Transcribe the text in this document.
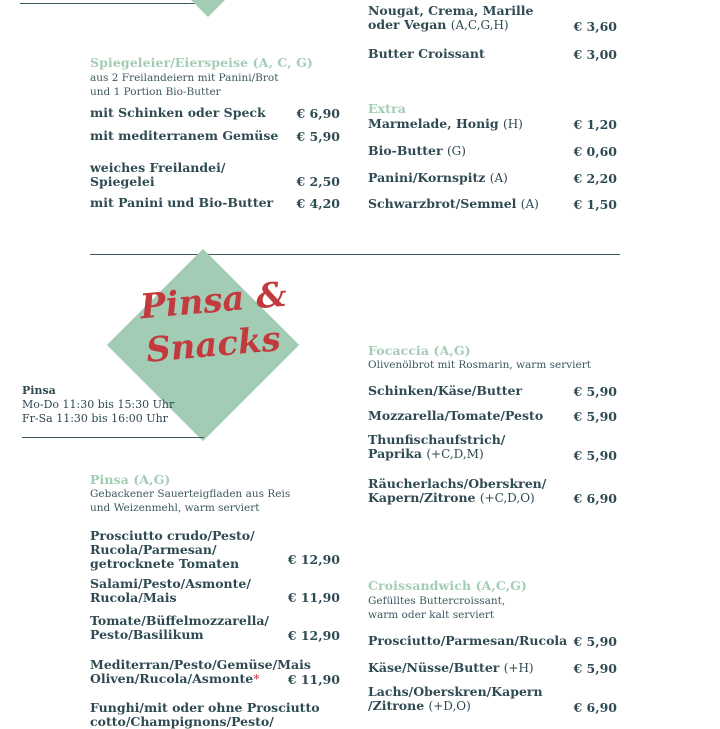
Spiegeleier/Eierspeise (A, C, G)
aus 2 Freilandeiern mit Panini/Brot
und 1 Portion Bio-Butter
mit Schinken oder Speck € 6,90
mit mediterranem Gemüse € 5,90
weiches Freilandei/
Spiegelei	€ 2,50
mit Panini und Bio-Butter € 4,20
Nougat, Crema, Marille
oder Vegan (A,C,G,H)	€ 3,60
Butter Croissant	€ 3,00
Extra
Marmelade, Honig (H)	€ 1,20
Bio-Butter (G)	€ 0,60
Panini/Kornspitz (A)	€ 2,20
Schwarzbrot/Semmel (A)	€ 1,50
Pinsa &
Snacks
Pinsa
Mo-Do 11:30 bis 15:30 Uhr
Fr-Sa 11:30 bis 16:00 Uhr
Pinsa (A,G)
Gebackener Sauerteigfladen aus Reis
und Weizenmehl, warm serviert
Prosciutto crudo/Pesto/
Rucola/Parmesan/
getrocknete Tomaten	€ 12,90
Salami/Pesto/Asmonte/
Rucola/Mais	€ 11,90
Tomate/Büffelmozzarella/
Pesto/Basilikum	€ 12,90
Mediterran/Pesto/Gemüse/Mais
Oliven/Rucola/Asmonte*	€ 11,90
Funghi/mit oder ohne Prosciutto
cotto/Champignons/Pesto/
Focaccia (A,G)
Olivenölbrot mit Rosmarin, warm serviert
Schinken/Käse/Butter	€ 5,90
Mozzarella/Tomate/Pesto € 5,90
Thunfischaufstrich/
Paprika (+C,D,M)	€ 5,90
Räucherlachs/Oberskren/
Kapern/Zitrone (+C,D,O)	€ 6,90
Croissandwich (A,C,G)
Gefülltes Buttercroissant,
warm oder kalt serviert
Prosciutto/Parmesan/Rucola € 5,90
Käse/Nüsse/Butter (+H)	€ 5,90
Lachs/Oberskren/Kapern
/Zitrone (+D,O)	€ 6,90
